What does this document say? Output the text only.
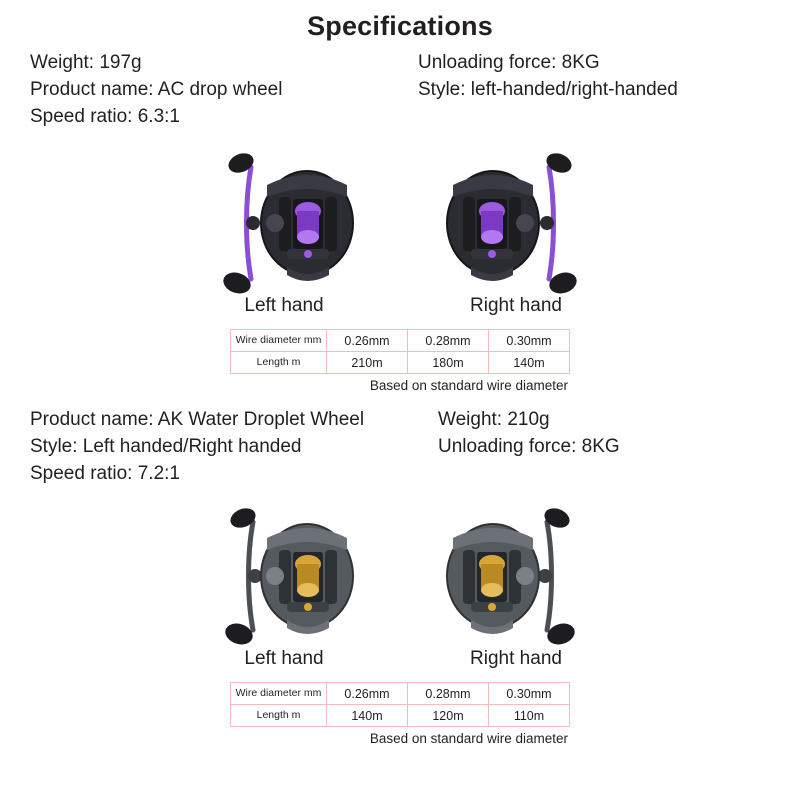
Specifications
Weight: 197g
Product name: AC drop wheel
Speed ratio: 6.3:1
Unloading force: 8KG
Style: left-handed/right-handed
Left hand	Right hand
Wire diameter mm	0.26mm	0.28mm	0.30mm
Length m	210m	180m	140m
Based on standard wire diameter
Product name: AK Water Droplet Wheel
Style: Left handed/Right handed
Speed ratio: 7.2:1
Weight: 210g
Unloading force: 8KG
Left hand	Right hand
Wire diameter mm	0.26mm	0.28mm	0.30mm
Length m	140m	120m	110m
Based on standard wire diameter
